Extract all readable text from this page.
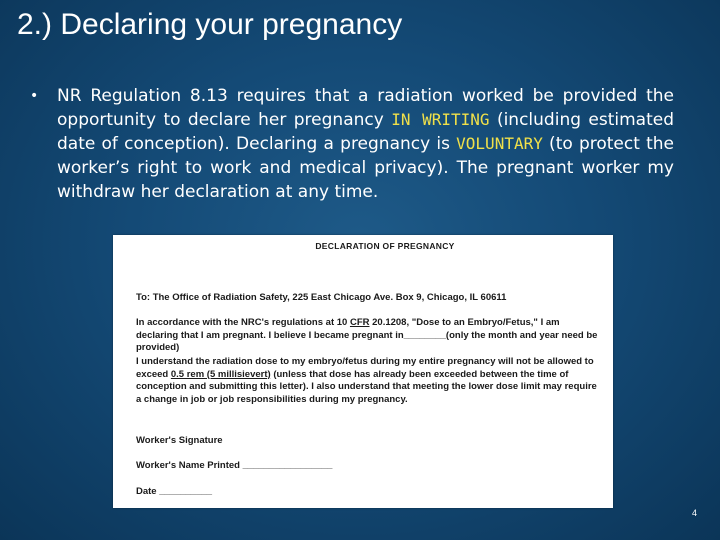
2.) Declaring your pregnancy
• NR Regulation 8.13 requires that a radiation worked be provided the opportunity to declare her pregnancy IN WRITING (including estimated date of conception). Declaring a pregnancy is VOLUNTARY (to protect the worker’s right to work and medical privacy). The pregnant worker my withdraw her declaration at any time.
DECLARATION OF PREGNANCY
To: The Office of Radiation Safety, 225 East Chicago Ave. Box 9, Chicago, IL 60611
In accordance with the NRC's regulations at 10 CFR 20.1208, "Dose to an Embryo/Fetus," I am declaring that I am pregnant. I believe I became pregnant in________(only the month and year need be provided)
I understand the radiation dose to my embryo/fetus during my entire pregnancy will not be allowed to exceed 0.5 rem (5 millisievert) (unless that dose has already been exceeded between the time of conception and submitting this letter). I also understand that meeting the lower dose limit may require a change in job or job responsibilities during my pregnancy.
Worker's Signature
Worker's Name Printed _________________
Date __________
4
